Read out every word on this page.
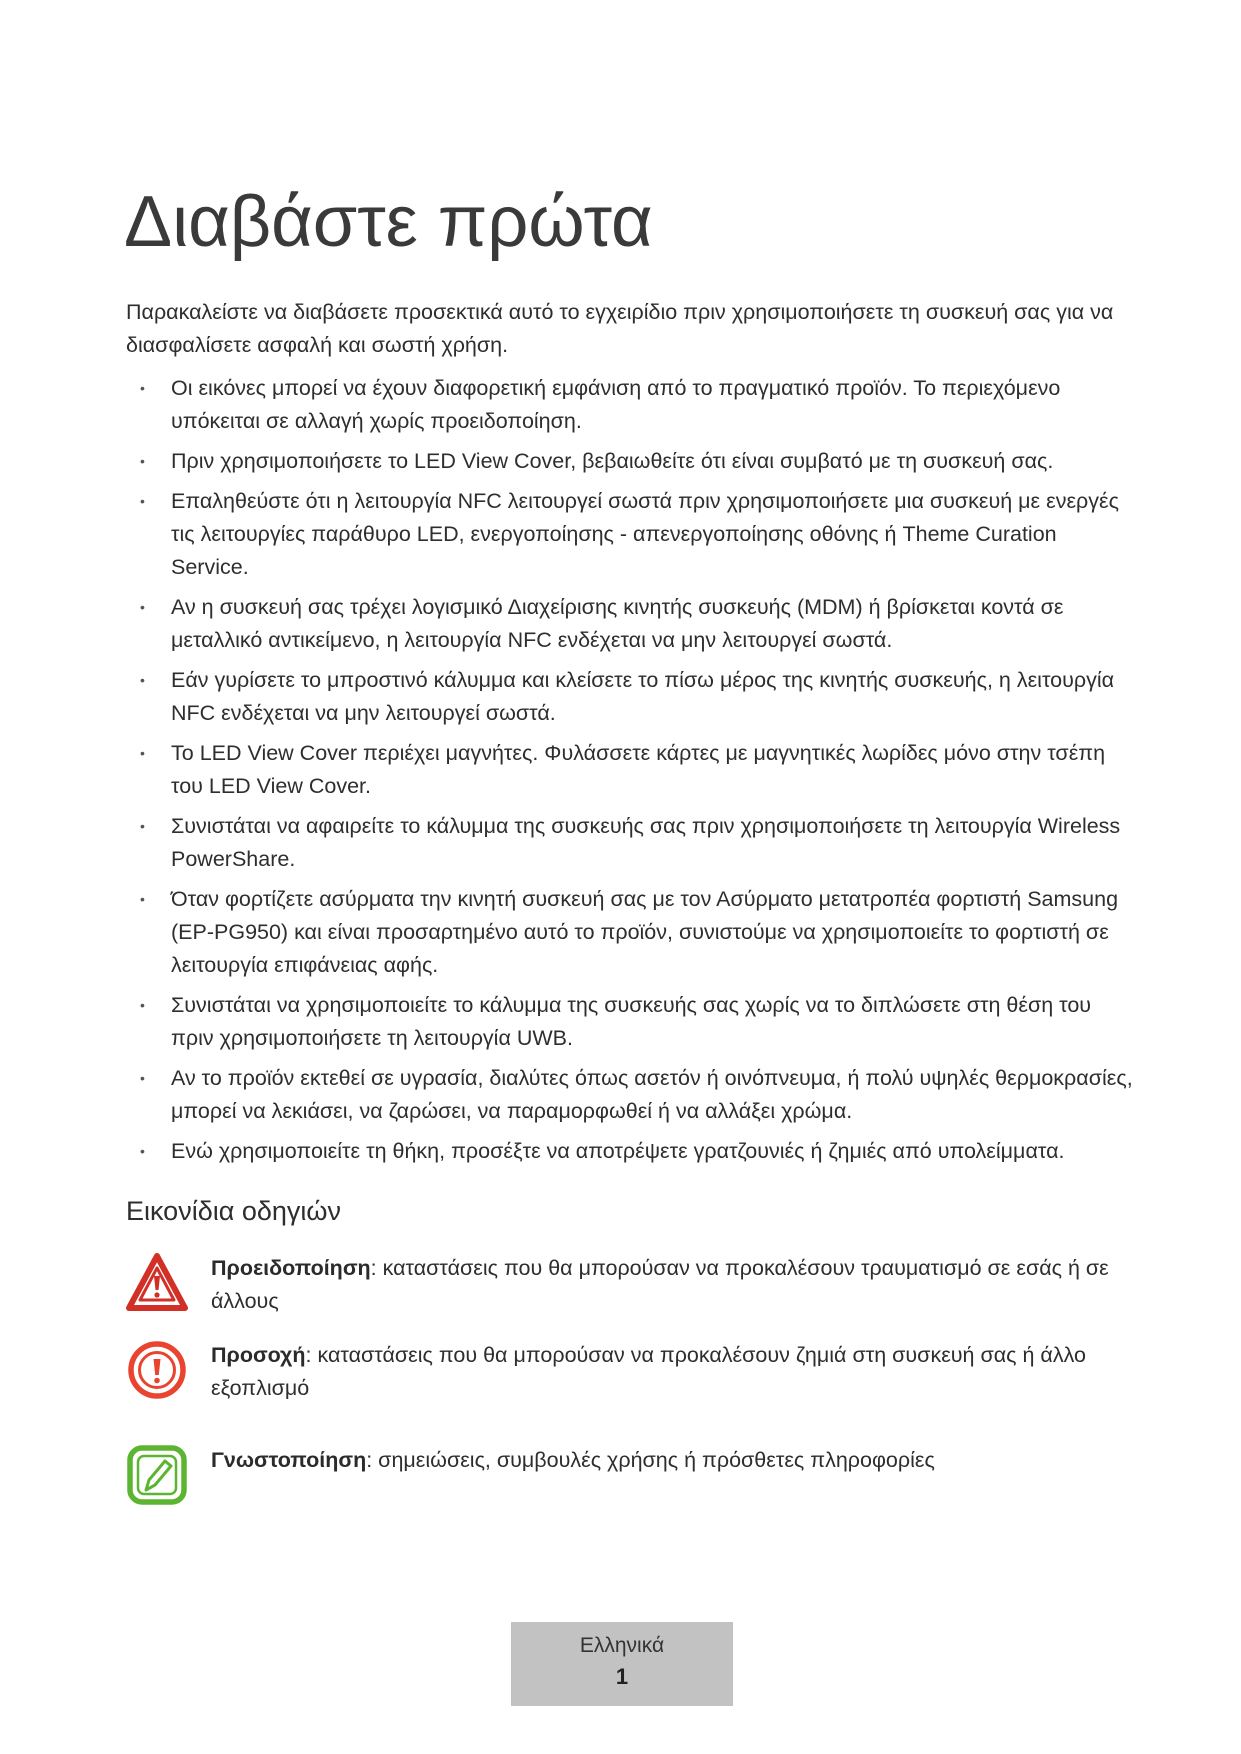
Διαβάστε πρώτα

Παρακαλείστε να διαβάσετε προσεκτικά αυτό το εγχειρίδιο πριν χρησιμοποιήσετε τη συσκευή σας για να διασφαλίσετε ασφαλή και σωστή χρήση.

• Οι εικόνες μπορεί να έχουν διαφορετική εμφάνιση από το πραγματικό προϊόν. Το περιεχόμενο υπόκειται σε αλλαγή χωρίς προειδοποίηση.
• Πριν χρησιμοποιήσετε το LED View Cover, βεβαιωθείτε ότι είναι συμβατό με τη συσκευή σας.
• Επαληθεύστε ότι η λειτουργία NFC λειτουργεί σωστά πριν χρησιμοποιήσετε μια συσκευή με ενεργές τις λειτουργίες παράθυρο LED, ενεργοποίησης - απενεργοποίησης οθόνης ή Theme Curation Service.
• Αν η συσκευή σας τρέχει λογισμικό Διαχείρισης κινητής συσκευής (MDM) ή βρίσκεται κοντά σε μεταλλικό αντικείμενο, η λειτουργία NFC ενδέχεται να μην λειτουργεί σωστά.
• Εάν γυρίσετε το μπροστινό κάλυμμα και κλείσετε το πίσω μέρος της κινητής συσκευής, η λειτουργία NFC ενδέχεται να μην λειτουργεί σωστά.
• Το LED View Cover περιέχει μαγνήτες. Φυλάσσετε κάρτες με μαγνητικές λωρίδες μόνο στην τσέπη του LED View Cover.
• Συνιστάται να αφαιρείτε το κάλυμμα της συσκευής σας πριν χρησιμοποιήσετε τη λειτουργία Wireless PowerShare.
• Όταν φορτίζετε ασύρματα την κινητή συσκευή σας με τον Ασύρματο μετατροπέα φορτιστή Samsung (EP-PG950) και είναι προσαρτημένο αυτό το προϊόν, συνιστούμε να χρησιμοποιείτε το φορτιστή σε λειτουργία επιφάνειας αφής.
• Συνιστάται να χρησιμοποιείτε το κάλυμμα της συσκευής σας χωρίς να το διπλώσετε στη θέση του πριν χρησιμοποιήσετε τη λειτουργία UWB.
• Αν το προϊόν εκτεθεί σε υγρασία, διαλύτες όπως ασετόν ή οινόπνευμα, ή πολύ υψηλές θερμοκρασίες, μπορεί να λεκιάσει, να ζαρώσει, να παραμορφωθεί ή να αλλάξει χρώμα.
• Ενώ χρησιμοποιείτε τη θήκη, προσέξτε να αποτρέψετε γρατζουνιές ή ζημιές από υπολείμματα.
Εικονίδια οδηγιών
Προειδοποίηση: καταστάσεις που θα μπορούσαν να προκαλέσουν τραυματισμό σε εσάς ή σε άλλους
Προσοχή: καταστάσεις που θα μπορούσαν να προκαλέσουν ζημιά στη συσκευή σας ή άλλο εξοπλισμό
Γνωστοποίηση: σημειώσεις, συμβουλές χρήσης ή πρόσθετες πληροφορίες
Ελληνικά
1
